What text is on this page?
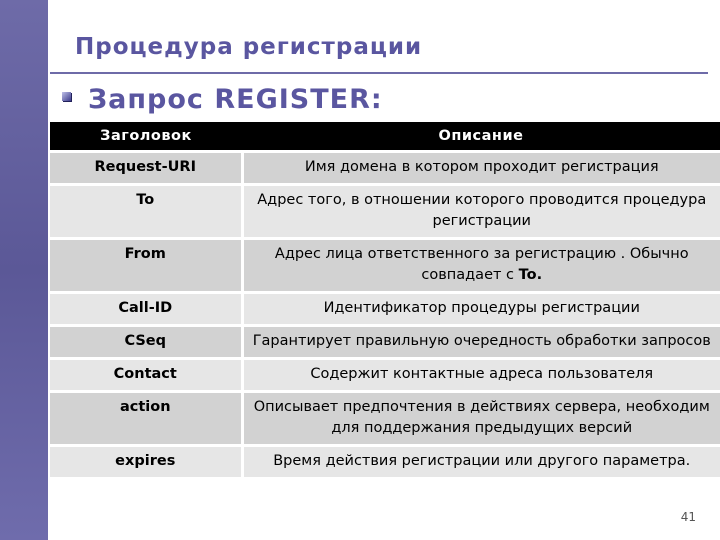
Процедура регистрации
Запрос REGISTER:
Заголовок	Описание
Request-URI	Имя домена в котором проходит регистрация
To	Адрес того, в отношении которого проводится процедура регистрации
From	Адрес лица ответственного за регистрацию . Обычно совпадает с To.
Call-ID	Идентификатор процедуры регистрации
CSeq	Гарантирует правильную очередность обработки запросов
Contact	Содержит контактные адреса пользователя
action	Описывает предпочтения в действиях сервера, необходим для поддержания предыдущих версий
expires	Время действия регистрации или другого параметра.
41
